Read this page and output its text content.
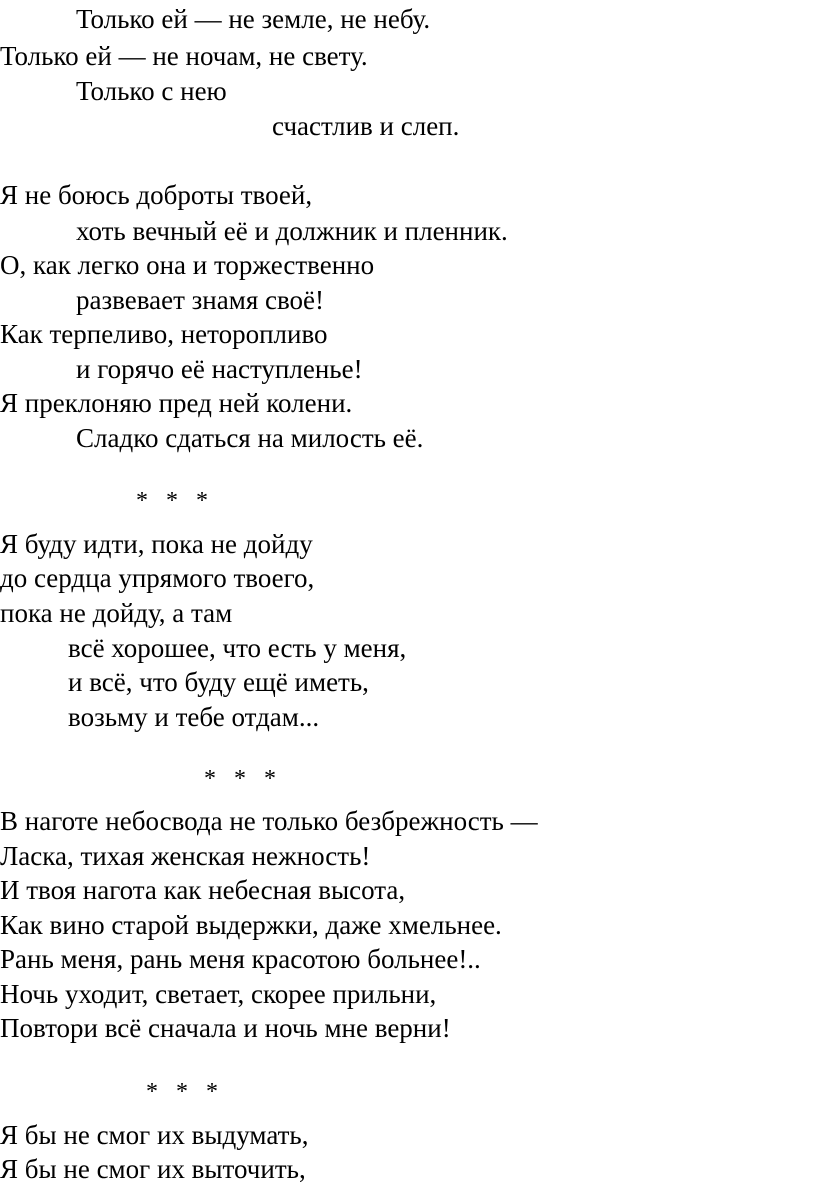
Только ей — не земле, не небу.
Только ей — не ночам, не свету.
Только с нею
счастлив и слеп.
Я не боюсь доброты твоей,
хоть вечный её и должник и пленник.
О, как легко она и торжественно
развевает знамя своё!
Как терпеливо, неторопливо
и горячо её наступленье!
Я преклоняю пред ней колени.
Сладко сдаться на милость её.
* * *
Я буду идти, пока не дойду
до сердца упрямого твоего,
пока не дойду, а там
всё хорошее, что есть у меня,
и всё, что буду ещё иметь,
возьму и тебе отдам...
* * *
В наготе небосвода не только безбрежность —
Ласка, тихая женская нежность!
И твоя нагота как небесная высота,
Как вино старой выдержки, даже хмельнее.
Рань меня, рань меня красотою больнее!..
Ночь уходит, светает, скорее прильни,
Повтори всё сначала и ночь мне верни!
* * *
Я бы не смог их выдумать,
Я бы не смог их выточить,
